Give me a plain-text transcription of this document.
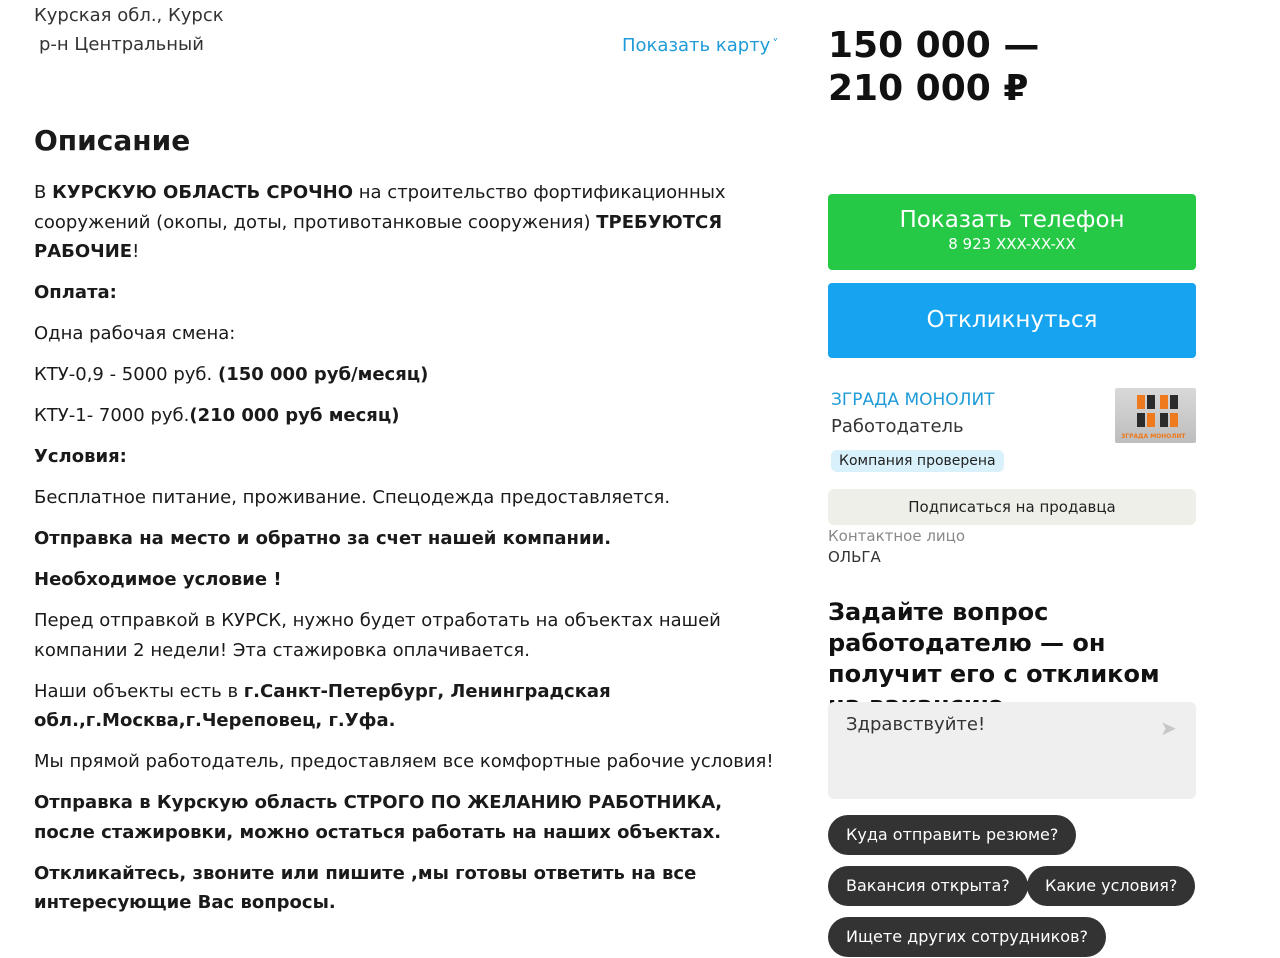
Курская обл., Курск
р-н Центральный	Показать карту ˅
Описание
В КУРСКУЮ ОБЛАСТЬ СРОЧНО на строительство фортификационных сооружений (окопы, доты, противотанковые сооружения) ТРЕБУЮТСЯ РАБОЧИЕ!
Оплата:
Одна рабочая смена:
КТУ-0,9 - 5000 руб. (150 000 руб/месяц)
КТУ-1- 7000 руб.(210 000 руб месяц)
Условия:
Бесплатное питание, проживание. Спецодежда предоставляется.
Отправка на место и обратно за счет нашей компании.
Необходимое условие !
Перед отправкой в КУРСК, нужно будет отработать на объектах нашей компании 2 недели! Эта стажировка оплачивается.
Наши объекты есть в г.Санкт-Петербург, Ленинградская обл.,г.Москва,г.Череповец, г.Уфа.
Мы прямой работодатель, предоставляем все комфортные рабочие условия!
Отправка в Курскую область СТРОГО ПО ЖЕЛАНИЮ РАБОТНИКА, после стажировки, можно остаться работать на наших объектах.
Откликайтесь, звоните или пишите ,мы готовы ответить на все интересующие Вас вопросы.
150 000 —
210 000 ₽
Показать телефон
8 923 XXX-XX-XX
Откликнуться
ЗГРАДА МОНОЛИТ
Работодатель
Компания проверена
ЗГРАДА МОНОЛИТ
Подписаться на продавца
Контактное лицо
ОЛЬГА
Задайте вопрос работодателю — он получит его с откликом
Здравствуйте!
➤
Куда отправить резюме?
Вакансия открыта?	Какие условия?
Ищете других сотрудников?
